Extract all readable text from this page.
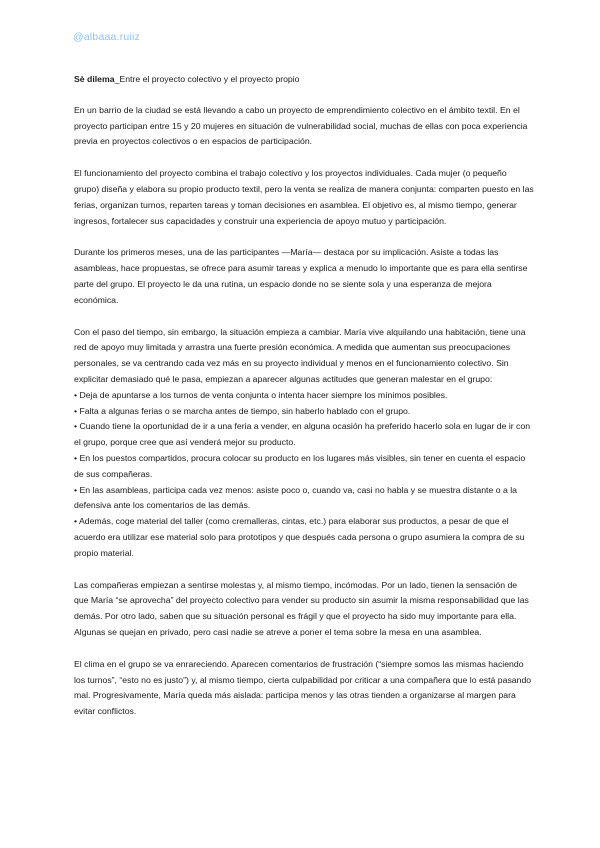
@albaaa.ruiiz

Sè dilema_Entre el proyecto colectivo y el proyecto propio

En un barrio de la ciudad se está llevando a cabo un proyecto de emprendimiento colectivo en el ámbito textil. En el proyecto participan entre 15 y 20 mujeres en situación de vulnerabilidad social, muchas de ellas con poca experiencia previa en proyectos colectivos o en espacios de participación.

El funcionamiento del proyecto combina el trabajo colectivo y los proyectos individuales. Cada mujer (o pequeño grupo) diseña y elabora su propio producto textil, pero la venta se realiza de manera conjunta: comparten puesto en las ferias, organizan turnos, reparten tareas y toman decisiones en asamblea. El objetivo es, al mismo tiempo, generar ingresos, fortalecer sus capacidades y construir una experiencia de apoyo mutuo y participación.

Durante los primeros meses, una de las participantes —María— destaca por su implicación. Asiste a todas las asambleas, hace propuestas, se ofrece para asumir tareas y explica a menudo lo importante que es para ella sentirse parte del grupo. El proyecto le da una rutina, un espacio donde no se siente sola y una esperanza de mejora económica.

Con el paso del tiempo, sin embargo, la situación empieza a cambiar. María vive alquilando una habitación, tiene una red de apoyo muy limitada y arrastra una fuerte presión económica. A medida que aumentan sus preocupaciones personales, se va centrando cada vez más en su proyecto individual y menos en el funcionamiento colectivo. Sin explicitar demasiado qué le pasa, empiezan a aparecer algunas actitudes que generan malestar en el grupo:

• Deja de apuntarse a los turnos de venta conjunta o intenta hacer siempre los mínimos posibles.

• Falta a algunas ferias o se marcha antes de tiempo, sin haberlo hablado con el grupo.

• Cuando tiene la oportunidad de ir a una feria a vender, en alguna ocasión ha preferido hacerlo sola en lugar de ir con el grupo, porque cree que así venderá mejor su producto.

• En los puestos compartidos, procura colocar su producto en los lugares más visibles, sin tener en cuenta el espacio de sus compañeras.

• En las asambleas, participa cada vez menos: asiste poco o, cuando va, casi no habla y se muestra distante o a la defensiva ante los comentarios de las demás.

• Además, coge material del taller (como cremalleras, cintas, etc.) para elaborar sus productos, a pesar de que el acuerdo era utilizar ese material solo para prototipos y que después cada persona o grupo asumiera la compra de su propio material.

Las compañeras empiezan a sentirse molestas y, al mismo tiempo, incómodas. Por un lado, tienen la sensación de que María “se aprovecha” del proyecto colectivo para vender su producto sin asumir la misma responsabilidad que las demás. Por otro lado, saben que su situación personal es frágil y que el proyecto ha sido muy importante para ella. Algunas se quejan en privado, pero casi nadie se atreve a poner el tema sobre la mesa en una asamblea.

El clima en el grupo se va enrareciendo. Aparecen comentarios de frustración (“siempre somos las mismas haciendo los turnos”, “esto no es justo”) y, al mismo tiempo, cierta culpabilidad por criticar a una compañera que lo está pasando mal. Progresivamente, María queda más aislada: participa menos y las otras tienden a organizarse al margen para evitar conflictos.
